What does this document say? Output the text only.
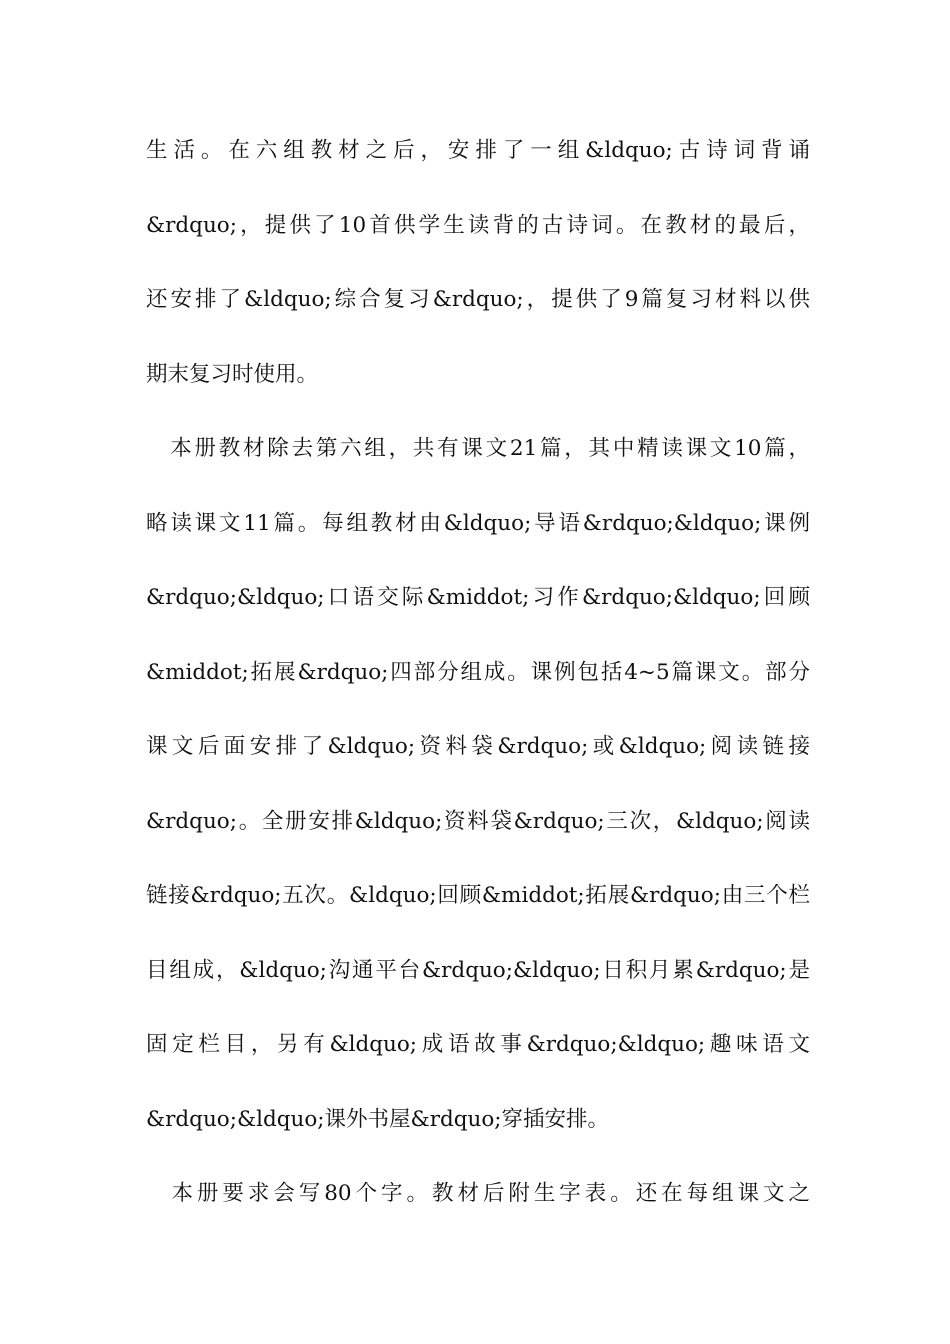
生活。在六组教材之后，安排了一组&ldquo;古诗词背诵
&rdquo;，提供了10首供学生读背的古诗词。在教材的最后，
还安排了&ldquo;综合复习&rdquo;，提供了9篇复习材料以供
期末复习时使用。
　本册教材除去第六组，共有课文21篇，其中精读课文10篇，
略读课文11篇。每组教材由&ldquo;导语&rdquo;&ldquo;课例
&rdquo;&ldquo;口语交际&middot;习作&rdquo;&ldquo;回顾
&middot;拓展&rdquo;四部分组成。课例包括4~5篇课文。部分
课文后面安排了&ldquo;资料袋&rdquo;或&ldquo;阅读链接
&rdquo;。全册安排&ldquo;资料袋&rdquo;三次，&ldquo;阅读
链接&rdquo;五次。&ldquo;回顾&middot;拓展&rdquo;由三个栏
目组成，&ldquo;沟通平台&rdquo;&ldquo;日积月累&rdquo;是
固定栏目，另有&ldquo;成语故事&rdquo;&ldquo;趣味语文
&rdquo;&ldquo;课外书屋&rdquo;穿插安排。
　本册要求会写80个字。教材后附生字表。还在每组课文之
